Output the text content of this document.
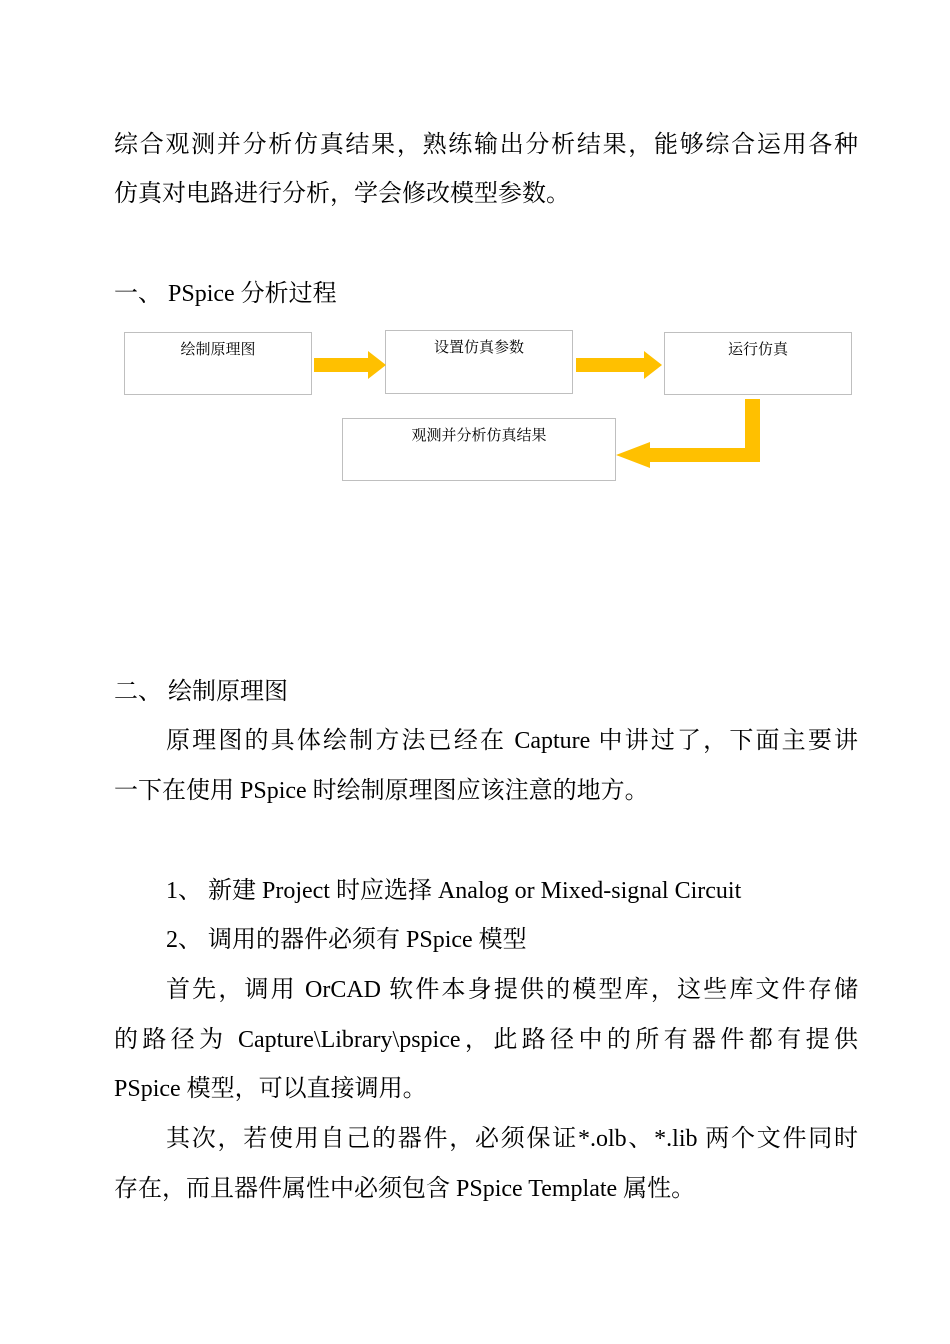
综合观测并分析仿真结果，熟练输出分析结果，能够综合运用各种
仿真对电路进行分析，学会修改模型参数。
一、 PSpice 分析过程
绘制原理图	设置仿真参数	运行仿真
观测并分析仿真结果
二、 绘制原理图
原理图的具体绘制方法已经在 Capture 中讲过了，下面主要讲
一下在使用 PSpice 时绘制原理图应该注意的地方。
1、 新建 Project 时应选择 Analog or Mixed-signal Circuit
2、 调用的器件必须有 PSpice 模型
首先，调用 OrCAD 软件本身提供的模型库，这些库文件存储
的路径为 Capture\Library\pspice，此路径中的所有器件都有提供
PSpice 模型，可以直接调用。
其次，若使用自己的器件，必须保证*.olb、*.lib 两个文件同时
存在，而且器件属性中必须包含 PSpice Template 属性。
